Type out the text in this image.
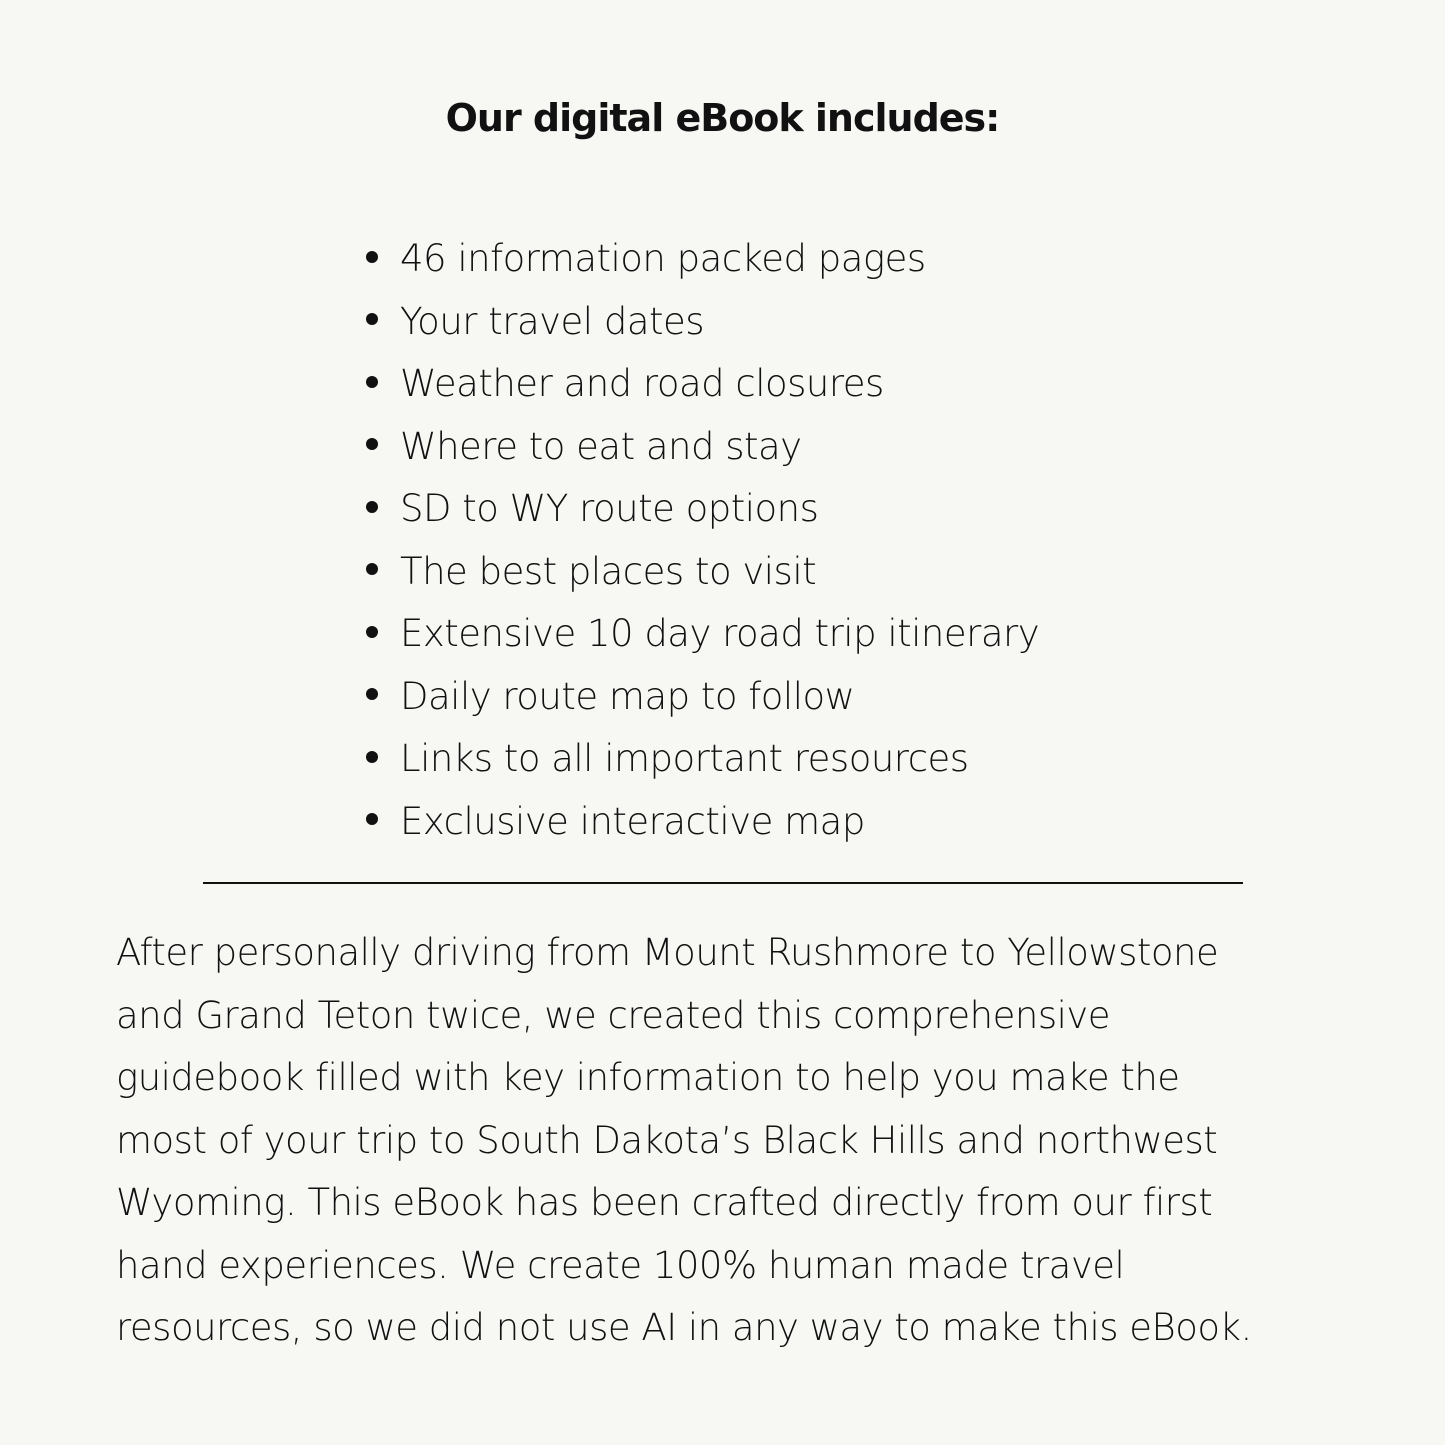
Our digital eBook includes:
46 information packed pages
Your travel dates
Weather and road closures
Where to eat and stay
SD to WY route options
The best places to visit
Extensive 10 day road trip itinerary
Daily route map to follow
Links to all important resources
Exclusive interactive map

After personally driving from Mount Rushmore to Yellowstone
and Grand Teton twice, we created this comprehensive
guidebook filled with key information to help you make the
most of your trip to South Dakota’s Black Hills and northwest
Wyoming. This eBook has been crafted directly from our first
hand experiences. We create 100% human made travel
resources, so we did not use AI in any way to make this eBook.
